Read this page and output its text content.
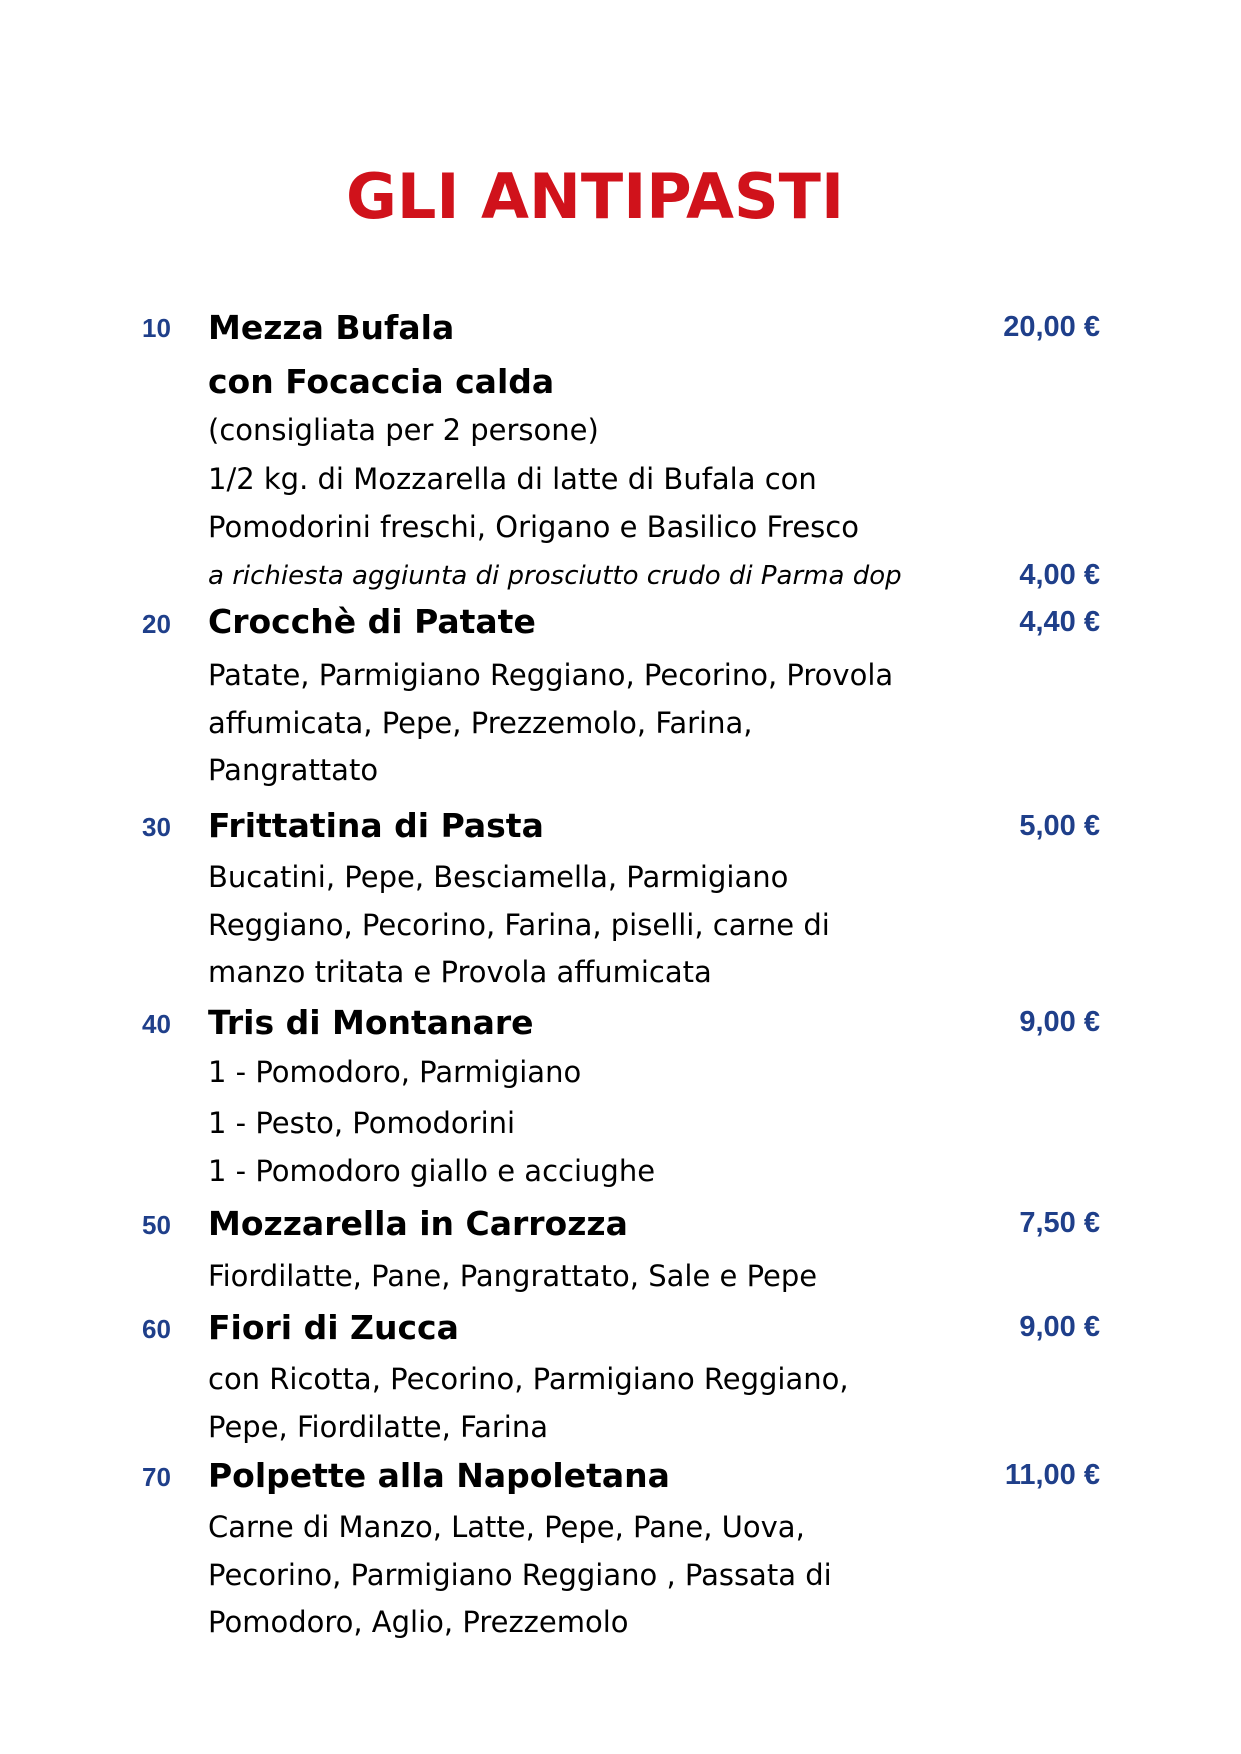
GLI ANTIPASTI
10	Mezza Bufala	20,00 €
con Focaccia calda
(consigliata per 2 persone)
1/2 kg. di Mozzarella di latte di Bufala con
Pomodorini freschi, Origano e Basilico Fresco
a richiesta aggiunta di prosciutto crudo di Parma dop	4,00 €
20	Crocchè di Patate	4,40 €
Patate, Parmigiano Reggiano, Pecorino, Provola
affumicata, Pepe, Prezzemolo, Farina,
Pangrattato
30	Frittatina di Pasta	5,00 €
Bucatini, Pepe, Besciamella, Parmigiano
Reggiano, Pecorino, Farina, piselli, carne di
manzo tritata e Provola affumicata
40	Tris di Montanare	9,00 €
1 - Pomodoro, Parmigiano
1 - Pesto, Pomodorini
1 - Pomodoro giallo e acciughe
50	Mozzarella in Carrozza	7,50 €
Fiordilatte, Pane, Pangrattato, Sale e Pepe
60	Fiori di Zucca	9,00 €
con Ricotta, Pecorino, Parmigiano Reggiano,
Pepe, Fiordilatte, Farina
70	Polpette alla Napoletana	11,00 €
Carne di Manzo, Latte, Pepe, Pane, Uova,
Pecorino, Parmigiano Reggiano , Passata di
Pomodoro, Aglio, Prezzemolo
